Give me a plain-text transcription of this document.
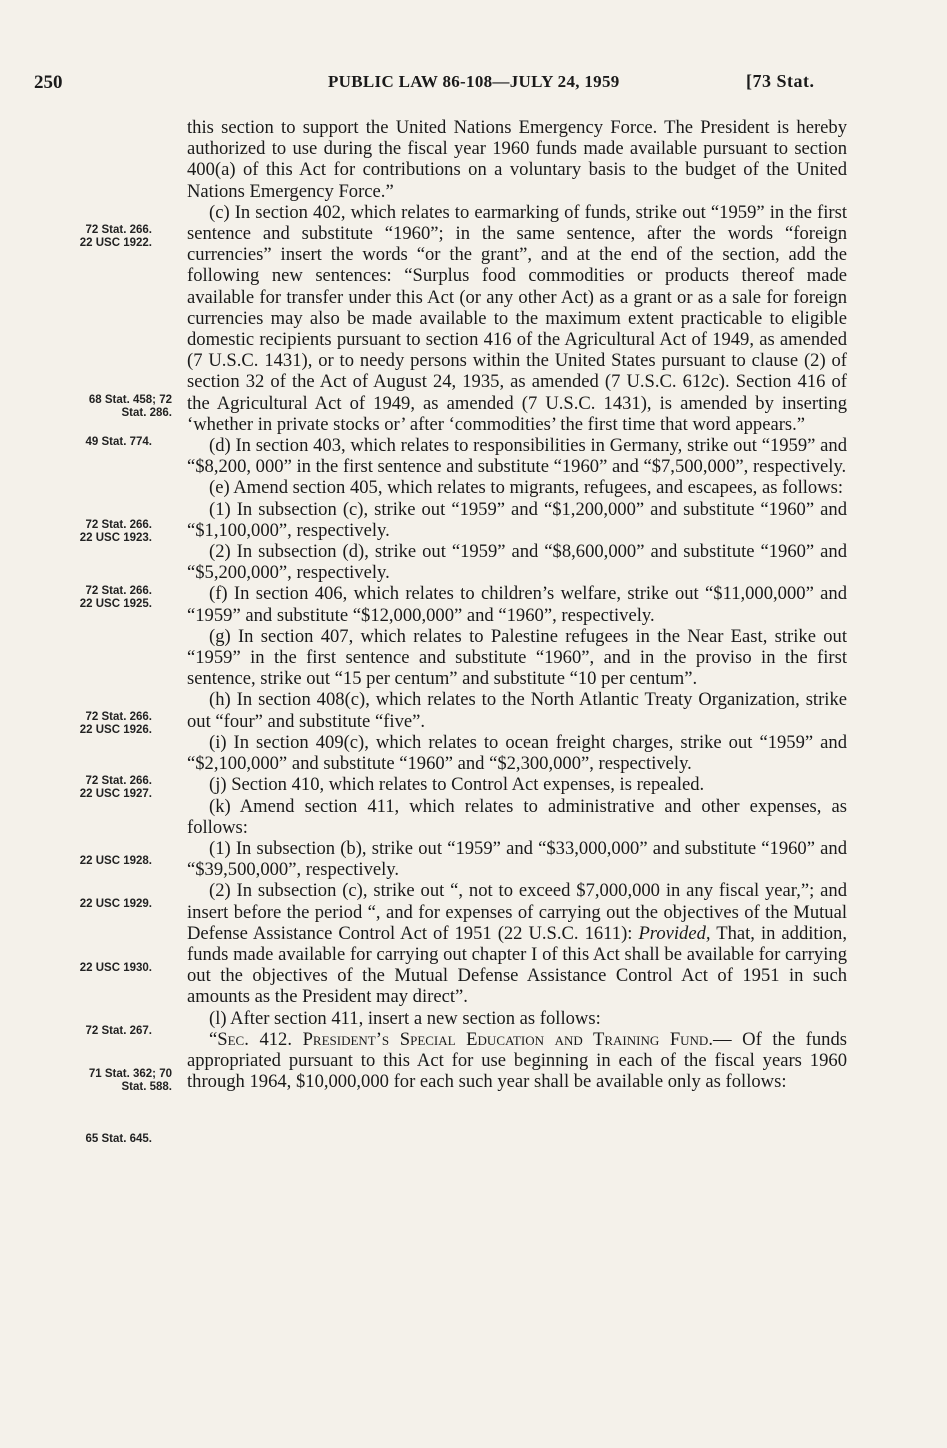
250	PUBLIC LAW 86-108—JULY 24, 1959	[73 Stat.
72 Stat. 266.
22 USC 1922.
68 Stat. 458; 72
Stat. 286.
49 Stat. 774.
72 Stat. 266.
22 USC 1923.
72 Stat. 266.
22 USC 1925.
72 Stat. 266.
22 USC 1926.
72 Stat. 266.
22 USC 1927.
22 USC 1928.
22 USC 1929.
22 USC 1930.
72 Stat. 267.
71 Stat. 362; 70
Stat. 588.
65 Stat. 645.

this section to support the United Nations Emergency Force. The President is hereby authorized to use during the fiscal year 1960 funds made available pursuant to section 400(a) of this Act for contributions on a voluntary basis to the budget of the United Nations Emergency Force.”

(c) In section 402, which relates to earmarking of funds, strike out “1959” in the first sentence and substitute “1960”; in the same sentence, after the words “foreign currencies” insert the words “or the grant”, and at the end of the section, add the following new sentences: “Surplus food commodities or products thereof made available for transfer under this Act (or any other Act) as a grant or as a sale for foreign currencies may also be made available to the maximum extent practicable to eligible domestic recipients pursuant to section 416 of the Agricultural Act of 1949, as amended (7 U.S.C. 1431), or to needy persons within the United States pursuant to clause (2) of section 32 of the Act of August 24, 1935, as amended (7 U.S.C. 612c). Section 416 of the Agricultural Act of 1949, as amended (7 U.S.C. 1431), is amended by inserting ‘whether in private stocks or’ after ‘commodities’ the first time that word appears.”

(d) In section 403, which relates to responsibilities in Germany, strike out “1959” and “$8,200, 000” in the first sentence and substitute “1960” and “$7,500,000”, respectively.

(e) Amend section 405, which relates to migrants, refugees, and escapees, as follows:

(1) In subsection (c), strike out “1959” and “$1,200,000” and substitute “1960” and “$1,100,000”, respectively.

(2) In subsection (d), strike out “1959” and “$8,600,000” and substitute “1960” and “$5,200,000”, respectively.

(f) In section 406, which relates to children’s welfare, strike out “$11,000,000” and “1959” and substitute “$12,000,000” and “1960”, respectively.

(g) In section 407, which relates to Palestine refugees in the Near East, strike out “1959” in the first sentence and substitute “1960”, and in the proviso in the first sentence, strike out “15 per centum” and substitute “10 per centum”.

(h) In section 408(c), which relates to the North Atlantic Treaty Organization, strike out “four” and substitute “five”.

(i) In section 409(c), which relates to ocean freight charges, strike out “1959” and “$2,100,000” and substitute “1960” and “$2,300,000”, respectively.

(j) Section 410, which relates to Control Act expenses, is repealed.

(k) Amend section 411, which relates to administrative and other expenses, as follows:

(1) In subsection (b), strike out “1959” and “$33,000,000” and substitute “1960” and “$39,500,000”, respectively.

(2) In subsection (c), strike out “, not to exceed $7,000,000 in any fiscal year,”; and insert before the period “, and for expenses of carrying out the objectives of the Mutual Defense Assistance Control Act of 1951 (22 U.S.C. 1611): Provided, That, in addition, funds made available for carrying out chapter I of this Act shall be available for carrying out the objectives of the Mutual Defense Assistance Control Act of 1951 in such amounts as the President may direct”.

(l) After section 411, insert a new section as follows:

“Sec. 412. President’s Special Education and Training Fund.— Of the funds appropriated pursuant to this Act for use beginning in each of the fiscal years 1960 through 1964, $10,000,000 for each such year shall be available only as follows:
